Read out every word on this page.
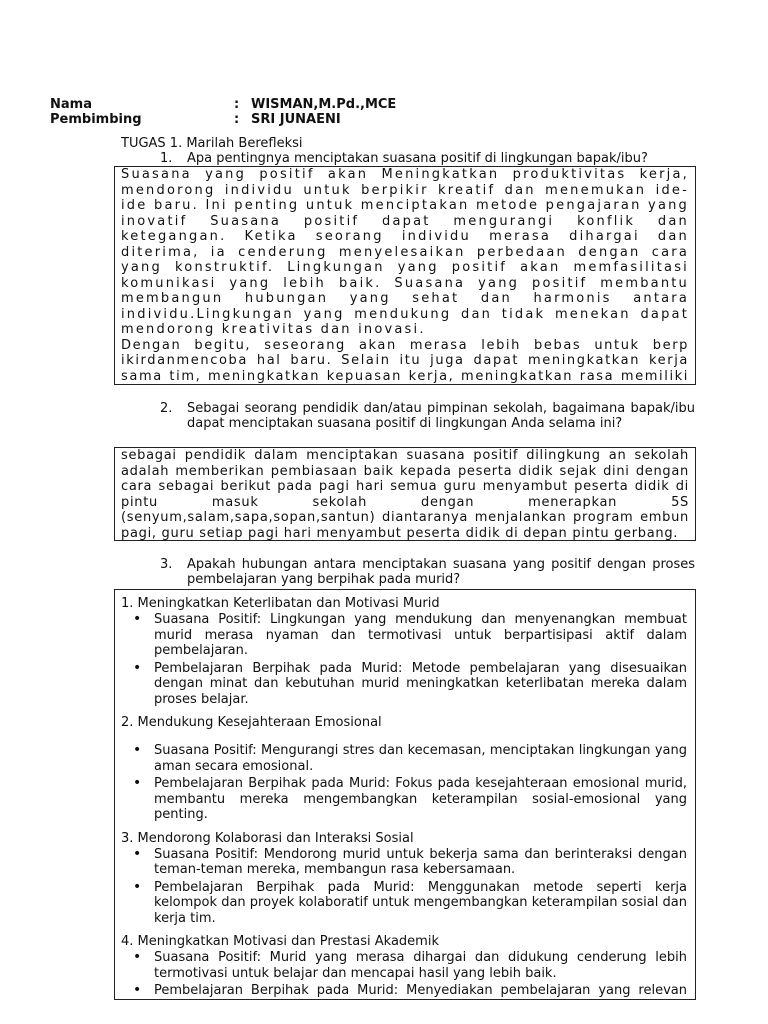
Nama	: WISMAN,M.Pd.,MCE
Pembimbing	: SRI JUNAENI
TUGAS 1. Marilah Berefleksi
1. Apa pentingnya menciptakan suasana positif di lingkungan bapak/ibu?

Suasana yang positif akan Meningkatkan produktivitas kerja, mendorong individu untuk berpikir kreatif dan menemukan ide-ide baru. Ini penting untuk menciptakan metode pengajaran yang inovatif Suasana positif dapat mengurangi konflik dan ketegangan. Ketika seorang individu merasa dihargai dan diterima, ia cenderung menyelesaikan perbedaan dengan cara yang konstruktif. Lingkungan yang positif akan memfasilitasi komunikasi yang lebih baik. Suasana yang positif membantu membangun hubungan yang sehat dan harmonis antara individu.Lingkungan yang mendukung dan tidak menekan dapat mendorong kreativitas dan inovasi.

Dengan begitu, seseorang akan merasa lebih bebas untuk berp ikirdanmencoba hal baru. Selain itu juga dapat meningkatkan kerja sama tim, meningkatkan kepuasan kerja, meningkatkan rasa memiliki

2. Sebagai seorang pendidik dan/atau pimpinan sekolah, bagaimana bapak/ibu dapat menciptakan suasana positif di lingkungan Anda selama ini?

sebagai pendidik dalam menciptakan suasana positif dilingkung an sekolah adalah memberikan pembiasaan baik kepada peserta didik sejak dini dengan cara sebagai berikut pada pagi hari semua guru menyambut peserta didik di pintu masuk sekolah dengan menerapkan 5S (senyum,salam,sapa,sopan,santun) diantaranya menjalankan program embun pagi, guru setiap pagi hari menyambut peserta didik di depan pintu gerbang.

3. Apakah hubungan antara menciptakan suasana yang positif dengan proses pembelajaran yang berpihak pada murid?

1. Meningkatkan Keterlibatan dan Motivasi Murid

• Suasana Positif: Lingkungan yang mendukung dan menyenangkan membuat murid merasa nyaman dan termotivasi untuk berpartisipasi aktif dalam pembelajaran.
• Pembelajaran Berpihak pada Murid: Metode pembelajaran yang disesuaikan dengan minat dan kebutuhan murid meningkatkan keterlibatan mereka dalam proses belajar.

2. Mendukung Kesejahteraan Emosional

• Suasana Positif: Mengurangi stres dan kecemasan, menciptakan lingkungan yang aman secara emosional.
• Pembelajaran Berpihak pada Murid: Fokus pada kesejahteraan emosional murid, membantu mereka mengembangkan keterampilan sosial-emosional yang penting.

3. Mendorong Kolaborasi dan Interaksi Sosial

• Suasana Positif: Mendorong murid untuk bekerja sama dan berinteraksi dengan teman-teman mereka, membangun rasa kebersamaan.
• Pembelajaran Berpihak pada Murid: Menggunakan metode seperti kerja kelompok dan proyek kolaboratif untuk mengembangkan keterampilan sosial dan kerja tim.

4. Meningkatkan Motivasi dan Prestasi Akademik

• Suasana Positif: Murid yang merasa dihargai dan didukung cenderung lebih termotivasi untuk belajar dan mencapai hasil yang lebih baik.
• Pembelajaran Berpihak pada Murid: Menyediakan pembelajaran yang relevan
